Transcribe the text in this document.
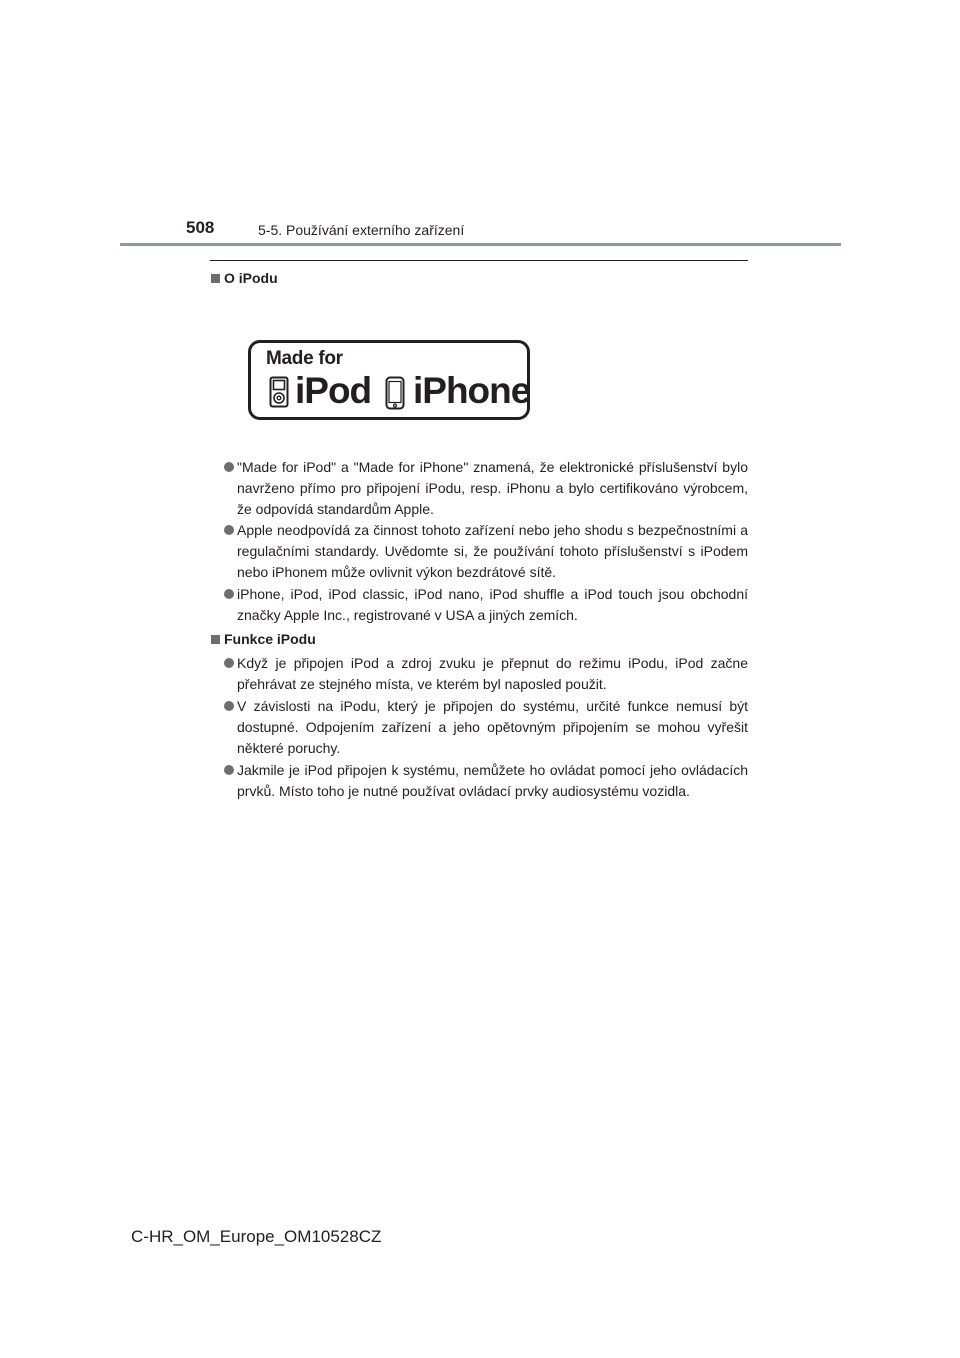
508	5-5. Používání externího zařízení
O iPodu
Made for
iPod iPhone

"Made for iPod" a "Made for iPhone" znamená, že elektronické příslušenství bylo navrženo přímo pro připojení iPodu, resp. iPhonu a bylo certifikováno výrobcem, že odpovídá standardům Apple.

Apple neodpovídá za činnost tohoto zařízení nebo jeho shodu s bezpečnostními a regulačními standardy. Uvědomte si, že používání tohoto příslušenství s iPodem nebo iPhonem může ovlivnit výkon bezdrátové sítě.

iPhone, iPod, iPod classic, iPod nano, iPod shuffle a iPod touch jsou obchodní značky Apple Inc., registrované v USA a jiných zemích.

Funkce iPodu

Když je připojen iPod a zdroj zvuku je přepnut do režimu iPodu, iPod začne přehrávat ze stejného místa, ve kterém byl naposled použit.

V závislosti na iPodu, který je připojen do systému, určité funkce nemusí být dostupné. Odpojením zařízení a jeho opětovným připojením se mohou vyřešit některé poruchy.

Jakmile je iPod připojen k systému, nemůžete ho ovládat pomocí jeho ovládacích prvků. Místo toho je nutné používat ovládací prvky audiosystému vozidla.

C-HR_OM_Europe_OM10528CZ
